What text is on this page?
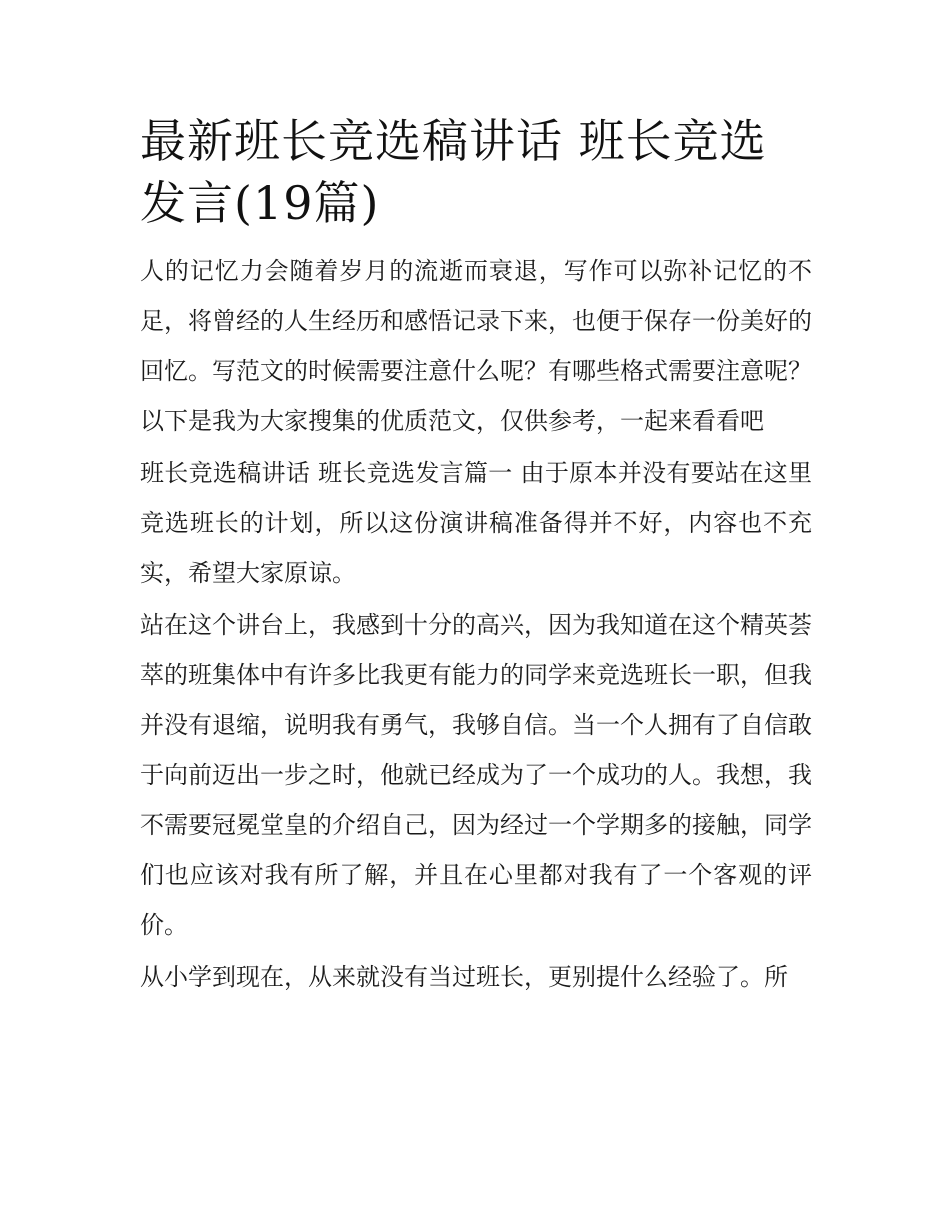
最新班长竞选稿讲话 班长竞选发言(19篇)

人的记忆力会随着岁月的流逝而衰退，写作可以弥补记忆的不足，将曾经的人生经历和感悟记录下来，也便于保存一份美好的回忆。写范文的时候需要注意什么呢？有哪些格式需要注意呢？以下是我为大家搜集的优质范文，仅供参考，一起来看看吧

班长竞选稿讲话 班长竞选发言篇一 由于原本并没有要站在这里竞选班长的计划，所以这份演讲稿准备得并不好，内容也不充实，希望大家原谅。

站在这个讲台上，我感到十分的高兴，因为我知道在这个精英荟萃的班集体中有许多比我更有能力的同学来竞选班长一职，但我并没有退缩，说明我有勇气，我够自信。当一个人拥有了自信敢于向前迈出一步之时，他就已经成为了一个成功的人。我想，我不需要冠冕堂皇的介绍自己，因为经过一个学期多的接触，同学们也应该对我有所了解，并且在心里都对我有了一个客观的评价。

从小学到现在，从来就没有当过班长，更别提什么经验了。所
